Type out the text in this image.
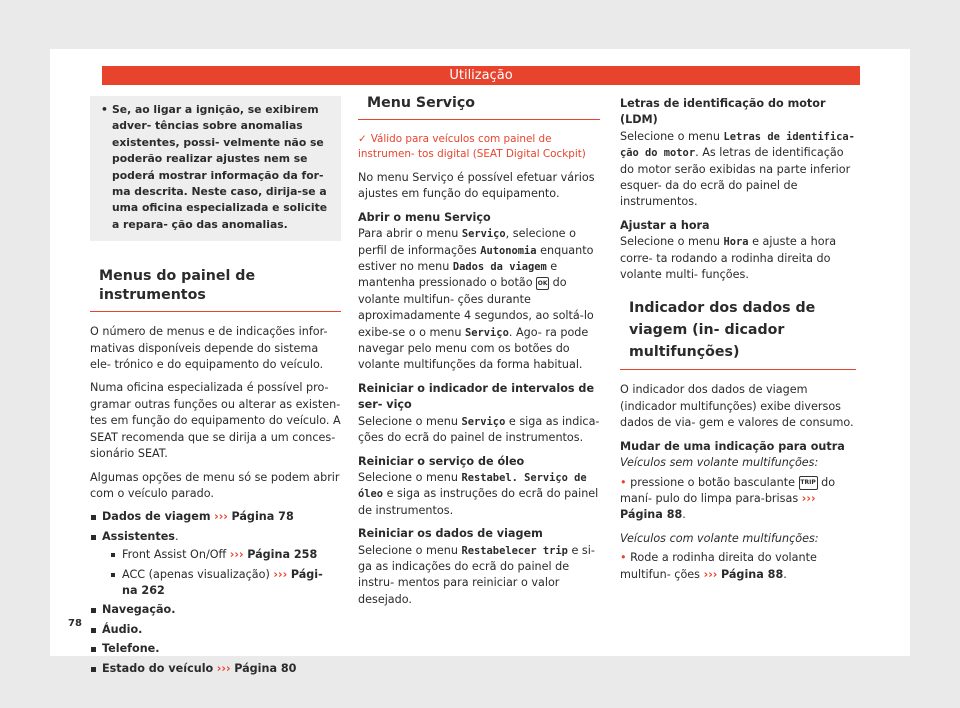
Utilização
• Se, ao ligar a ignição, se exibirem adver- tências sobre anomalias existentes, possi- velmente não se poderão realizar ajustes nem se poderá mostrar informação da for- ma descrita. Neste caso, dirija-se a uma oficina especializada e solicite a repara- ção das anomalias.
Menus do painel de instrumentos

O número de menus e de indicações infor- mativas disponíveis depende do sistema ele- trónico e do equipamento do veículo.

Numa oficina especializada é possível pro- gramar outras funções ou alterar as existen- tes em função do equipamento do veículo. A SEAT recomenda que se dirija a um conces- sionário SEAT.

Algumas opções de menu só se podem abrir com o veículo parado.

Dados de viagem ››› Página 78
Assistentes.
Front Assist On/Off ››› Página 258
ACC (apenas visualização) ››› Pági- na 262
Navegação.
Áudio.
Telefone.
Estado do veículo ››› Página 80
Menu Serviço
✓ Válido para veículos com painel de instrumen- tos digital (SEAT Digital Cockpit)

No menu Serviço é possível efetuar vários ajustes em função do equipamento.

Abrir o menu Serviço

Para abrir o menu Serviço, selecione o perfil de informações Autonomia enquanto estiver no menu Dados da viagem e mantenha pressionado o botão OK do volante multifun- ções durante aproximadamente 4 segundos, ao soltá-lo exibe-se o o menu Serviço. Ago- ra pode navegar pelo menu com os botões do volante multifunções da forma habitual.

Reiniciar o indicador de intervalos de ser- viço

Selecione o menu Serviço e siga as indica- ções do ecrã do painel de instrumentos.

Reiniciar o serviço de óleo

Selecione o menu Restabel. Serviço de óleo e siga as instruções do ecrã do painel de instrumentos.

Reiniciar os dados de viagem

Selecione o menu Restabelecer trip e si- ga as indicações do ecrã do painel de instru- mentos para reiniciar o valor desejado.

Letras de identificação do motor (LDM)

Selecione o menu Letras de identifica- ção do motor. As letras de identificação do motor serão exibidas na parte inferior esquer- da do ecrã do painel de instrumentos.

Ajustar a hora

Selecione o menu Hora e ajuste a hora corre- ta rodando a rodinha direita do volante multi- funções.

Indicador dos dados de viagem (in- dicador multifunções)

O indicador dos dados de viagem (indicador multifunções) exibe diversos dados de via- gem e valores de consumo.

Mudar de uma indicação para outra

Veículos sem volante multifunções:

• pressione o botão basculante TRIP do maní- pulo do limpa para-brisas ››› Página 88.

Veículos com volante multifunções:

• Rode a rodinha direita do volante multifun- ções ››› Página 88.

78
